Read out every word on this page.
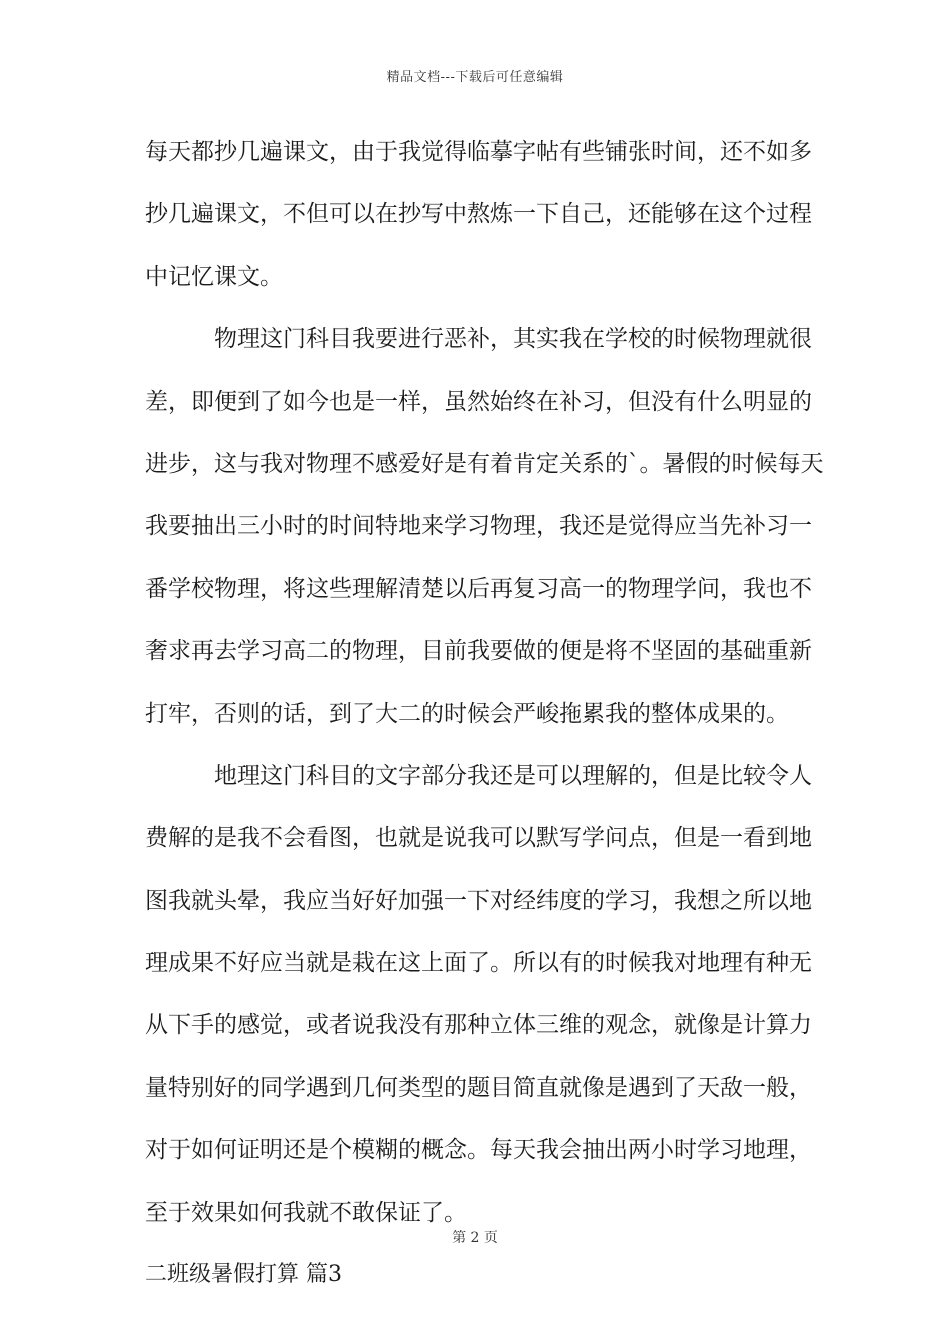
精品文档---下载后可任意编辑
每天都抄几遍课文，由于我觉得临摹字帖有些铺张时间，还不如多
抄几遍课文，不但可以在抄写中熬炼一下自己，还能够在这个过程
中记忆课文。
物理这门科目我要进行恶补，其实我在学校的时候物理就很
差，即便到了如今也是一样，虽然始终在补习，但没有什么明显的
进步，这与我对物理不感爱好是有着肯定关系的`。暑假的时候每天
我要抽出三小时的时间特地来学习物理，我还是觉得应当先补习一
番学校物理，将这些理解清楚以后再复习高一的物理学问，我也不
奢求再去学习高二的物理，目前我要做的便是将不坚固的基础重新
打牢，否则的话，到了大二的时候会严峻拖累我的整体成果的。
地理这门科目的文字部分我还是可以理解的，但是比较令人
费解的是我不会看图，也就是说我可以默写学问点，但是一看到地
图我就头晕，我应当好好加强一下对经纬度的学习，我想之所以地
理成果不好应当就是栽在这上面了。所以有的时候我对地理有种无
从下手的感觉，或者说我没有那种立体三维的观念，就像是计算力
量特别好的同学遇到几何类型的题目简直就像是遇到了天敌一般，
对于如何证明还是个模糊的概念。每天我会抽出两小时学习地理，
至于效果如何我就不敢保证了。
二班级暑假打算 篇3
第 2 页
